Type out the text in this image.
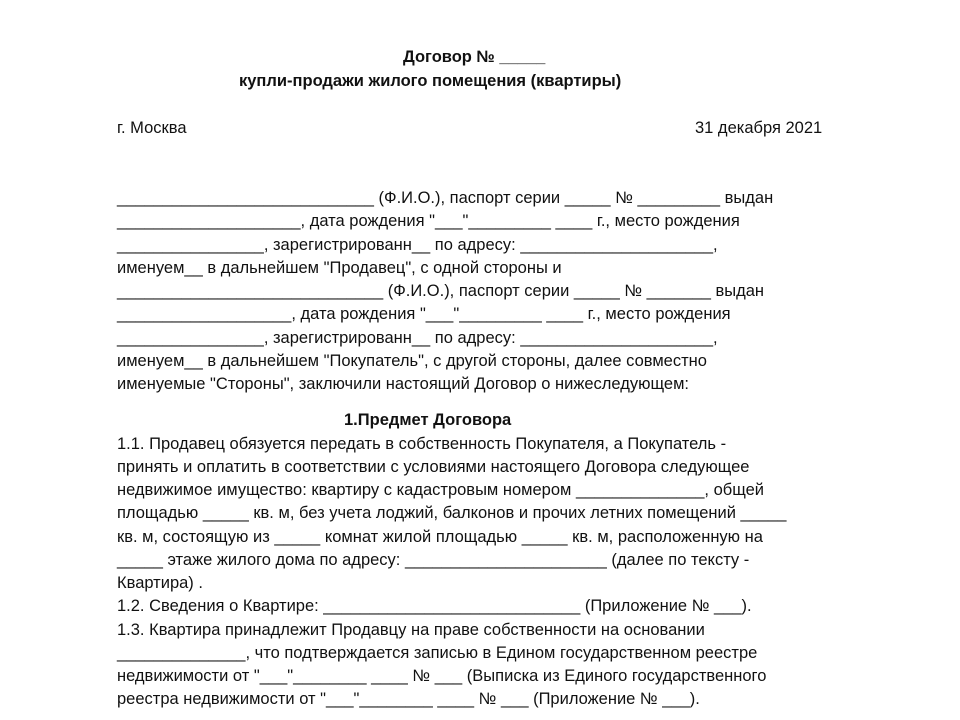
Договор № _____
купли-продажи жилого помещения (квартиры)
г. Москва	31 декабря 2021
____________________________ (Ф.И.О.), паспорт серии _____ № _________ выдан
____________________, дата рождения "___"_________ ____ г., место рождения
________________, зарегистрированн__ по адресу: _____________________,
именуем__ в дальнейшем "Продавец", с одной стороны и
_____________________________ (Ф.И.О.), паспорт серии _____ № _______ выдан
___________________, дата рождения "___"_________ ____ г., место рождения
________________, зарегистрированн__ по адресу: _____________________,
именуем__ в дальнейшем "Покупатель", с другой стороны, далее совместно
именуемые "Стороны", заключили настоящий Договор о нижеследующем:
1.Предмет Договора
1.1. Продавец обязуется передать в собственность Покупателя, а Покупатель -
принять и оплатить в соответствии с условиями настоящего Договора следующее
недвижимое имущество: квартиру с кадастровым номером ______________, общей
площадью _____ кв. м, без учета лоджий, балконов и прочих летних помещений _____
кв. м, состоящую из _____ комнат жилой площадью _____ кв. м, расположенную на
_____ этаже жилого дома по адресу: ______________________ (далее по тексту -
Квартира) .
1.2. Сведения о Квартире: ____________________________ (Приложение № ___).
1.3. Квартира принадлежит Продавцу на праве собственности на основании
______________, что подтверждается записью в Едином государственном реестре
недвижимости от "___"________ ____ № ___ (Выписка из Единого государственного
реестра недвижимости от "___"________ ____ № ___ (Приложение № ___).
